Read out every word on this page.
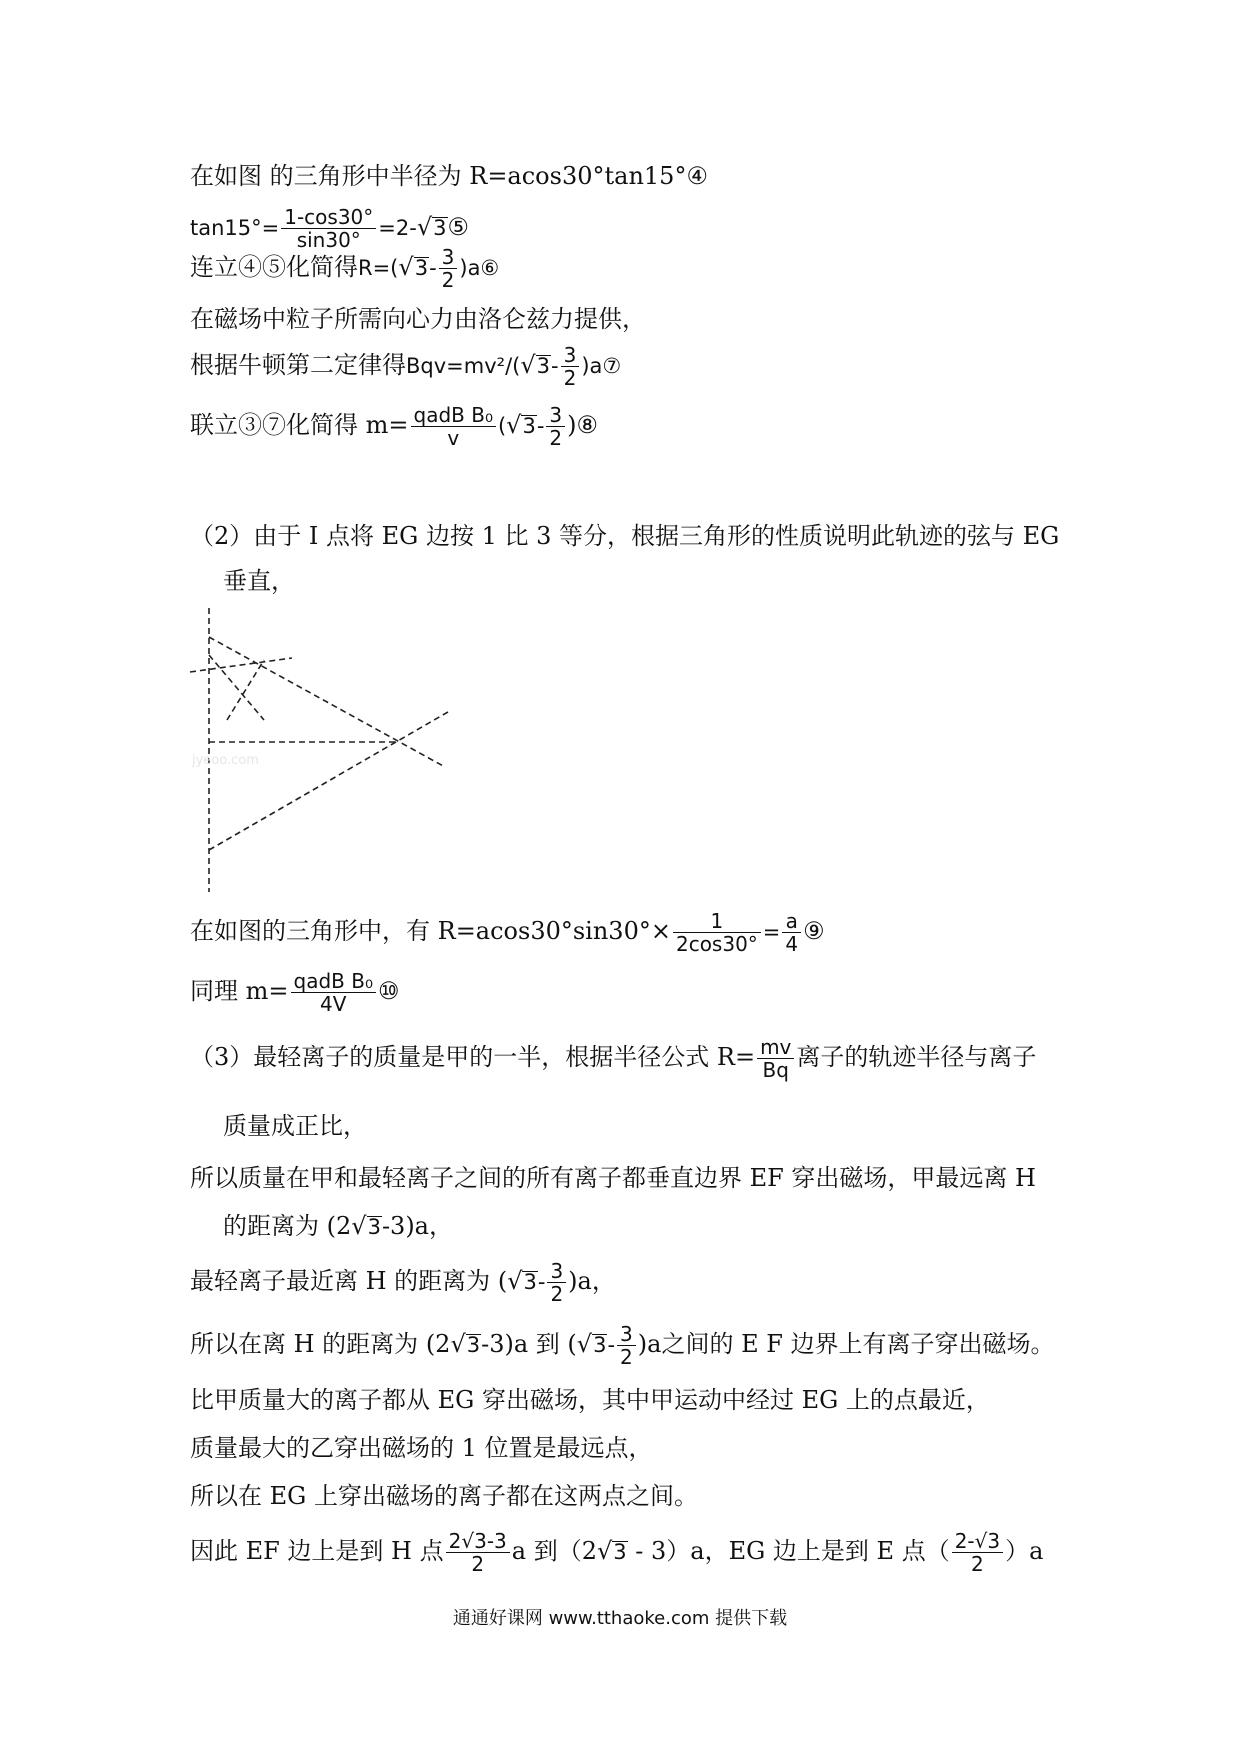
在如图 的三角形中半径为 R=acos30°tan15°④
$\tan 15^\circ= \frac{1-\cos 30^\circ}{\sin 30^\circ}$ =2-√3⑤
连立④⑤化简得$R=(√3- \frac{3}{2}$ )a⑥
在磁场中粒子所需向心力由洛仑兹力提供，
根据牛顿第二定律得$Bqv=mv^2/(√3- \frac{3}{2}$ )a⑦
联立③⑦化简得 $m= \frac{\text{qadB B₀}}{v} (√3- \frac{3}{2}$ )⑧
（2）由于 I 点将 EG 边按 1 比 3 等分，根据三角形的性质说明此轨迹的弦与 EG
垂直，
jyeoo.com
在如图的三角形中，有 $R=acos30^\circ\sin 30^\circ\times \frac{1}{2\cos 30^\circ} = \frac{a}{4}$ ⑨
同理 $m= \frac{\text{qadB B₀}}{4V}$ ⑩
（3）最轻离子的质量是甲的一半，根据半径公式 $R= \frac{mv}{Bq}$ 离子的轨迹半径与离子
质量成正比，
所以质量在甲和最轻离子之间的所有离子都垂直边界 EF 穿出磁场，甲最远离 H
的距离为 (2√3-3)a，
最轻离子最近离 H 的距离为 $(√3- \frac{3}{2} )a$，
所以在离 H 的距离为 (2√3-3)a 到 $(√3- \frac{3}{2} )a$之间的 E F 边界上有离子穿出磁场。
比甲质量大的离子都从 EG 穿出磁场，其中甲运动中经过 EG 上的点最近，
质量最大的乙穿出磁场的 1 位置是最远点，
所以在 EG 上穿出磁场的离子都在这两点之间。
因此 EF 边上是到 H 点 $\frac{2√3-3}{2}$ a 到（2√3 - 3）a，EG 边上是到 E 点（ $\frac{2-√3}{2} )a$
通通好课网 www.tthaoke.com 提供下载
